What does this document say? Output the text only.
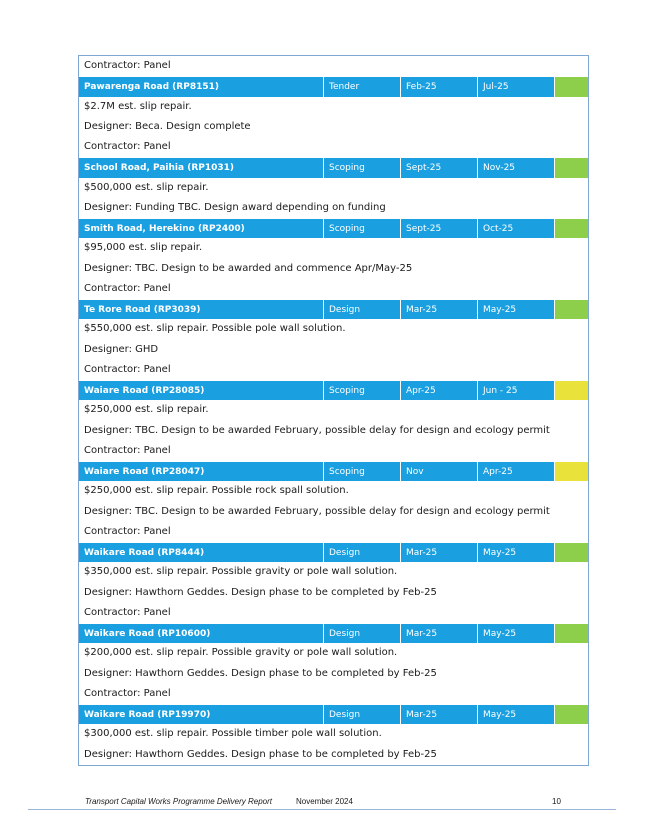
Contractor: Panel
Pawarenga Road (RP8151)	Tender	Feb-25	Jul-25
$2.7M est. slip repair.
Designer: Beca. Design complete
Contractor: Panel
School Road, Paihia (RP1031)	Scoping	Sept-25	Nov-25
$500,000 est. slip repair.
Designer: Funding TBC. Design award depending on funding
Smith Road, Herekino (RP2400)	Scoping	Sept-25	Oct-25
$95,000 est. slip repair.
Designer: TBC. Design to be awarded and commence Apr/May-25
Contractor: Panel
Te Rore Road (RP3039)	Design	Mar-25	May-25
$550,000 est. slip repair. Possible pole wall solution.
Designer: GHD
Contractor: Panel
Waiare Road (RP28085)	Scoping	Apr-25	Jun - 25
$250,000 est. slip repair.
Designer: TBC. Design to be awarded February, possible delay for design and ecology permit
Contractor: Panel
Waiare Road (RP28047)	Scoping	Nov	Apr-25
$250,000 est. slip repair. Possible rock spall solution.
Designer: TBC. Design to be awarded February, possible delay for design and ecology permit
Contractor: Panel
Waikare Road (RP8444)	Design	Mar-25	May-25
$350,000 est. slip repair. Possible gravity or pole wall solution.
Designer: Hawthorn Geddes. Design phase to be completed by Feb-25
Contractor: Panel
Waikare Road (RP10600)	Design	Mar-25	May-25
$200,000 est. slip repair. Possible gravity or pole wall solution.
Designer: Hawthorn Geddes. Design phase to be completed by Feb-25
Contractor: Panel
Waikare Road (RP19970)	Design	Mar-25	May-25
$300,000 est. slip repair. Possible timber pole wall solution.
Designer: Hawthorn Geddes. Design phase to be completed by Feb-25
Transport Capital Works Programme Delivery Report	November 2024	10
